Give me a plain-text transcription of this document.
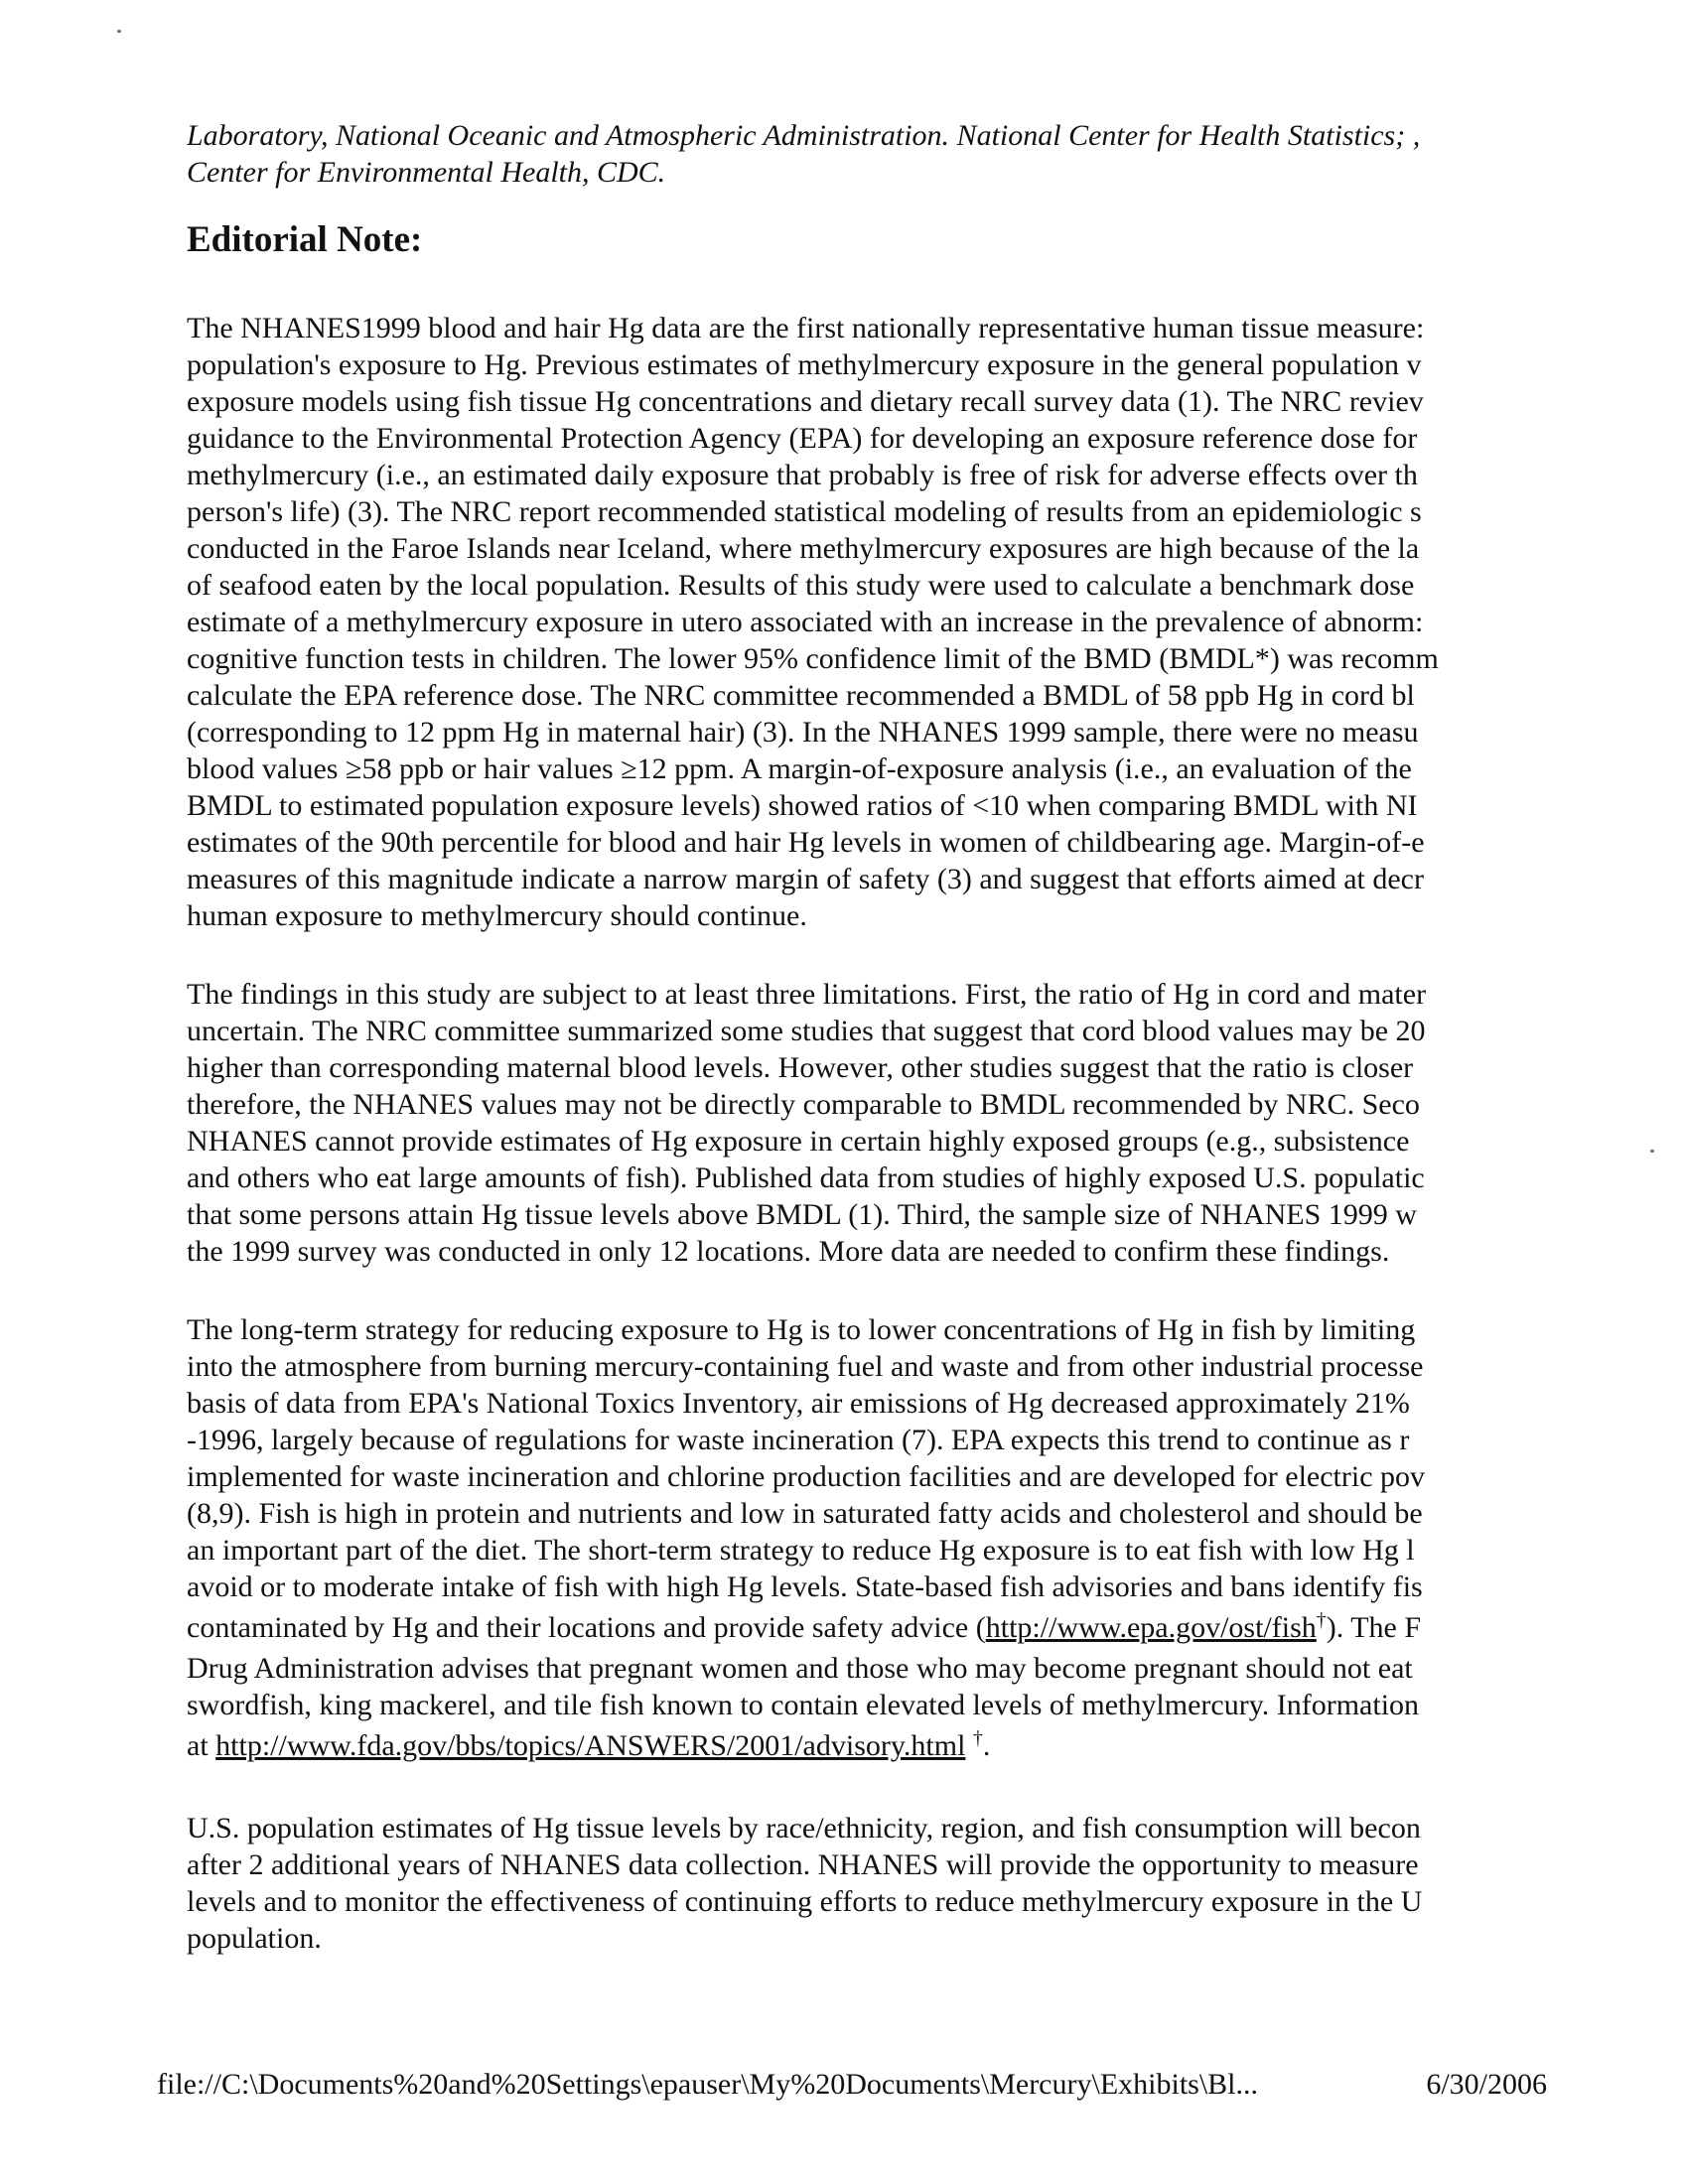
Laboratory, National Oceanic and Atmospheric Administration. National Center for Health Statistics; ,
Center for Environmental Health, CDC.
Editorial Note:
The NHANES1999 blood and hair Hg data are the first nationally representative human tissue measure:
population's exposure to Hg. Previous estimates of methylmercury exposure in the general population v
exposure models using fish tissue Hg concentrations and dietary recall survey data (1). The NRC reviev
guidance to the Environmental Protection Agency (EPA) for developing an exposure reference dose for
methylmercury (i.e., an estimated daily exposure that probably is free of risk for adverse effects over th
person's life) (3). The NRC report recommended statistical modeling of results from an epidemiologic s
conducted in the Faroe Islands near Iceland, where methylmercury exposures are high because of the la
of seafood eaten by the local population. Results of this study were used to calculate a benchmark dose
estimate of a methylmercury exposure in utero associated with an increase in the prevalence of abnorm:
cognitive function tests in children. The lower 95% confidence limit of the BMD (BMDL*) was recomm
calculate the EPA reference dose. The NRC committee recommended a BMDL of 58 ppb Hg in cord bl
(corresponding to 12 ppm Hg in maternal hair) (3). In the NHANES 1999 sample, there were no measu
blood values ≥58 ppb or hair values ≥12 ppm. A margin-of-exposure analysis (i.e., an evaluation of the
BMDL to estimated population exposure levels) showed ratios of <10 when comparing BMDL with NI
estimates of the 90th percentile for blood and hair Hg levels in women of childbearing age. Margin-of-e
measures of this magnitude indicate a narrow margin of safety (3) and suggest that efforts aimed at decr
human exposure to methylmercury should continue.
The findings in this study are subject to at least three limitations. First, the ratio of Hg in cord and mater
uncertain. The NRC committee summarized some studies that suggest that cord blood values may be 20
higher than corresponding maternal blood levels. However, other studies suggest that the ratio is closer
therefore, the NHANES values may not be directly comparable to BMDL recommended by NRC. Seco
NHANES cannot provide estimates of Hg exposure in certain highly exposed groups (e.g., subsistence
and others who eat large amounts of fish). Published data from studies of highly exposed U.S. populatic
that some persons attain Hg tissue levels above BMDL (1). Third, the sample size of NHANES 1999 w
the 1999 survey was conducted in only 12 locations. More data are needed to confirm these findings.
The long-term strategy for reducing exposure to Hg is to lower concentrations of Hg in fish by limiting
into the atmosphere from burning mercury-containing fuel and waste and from other industrial processe
basis of data from EPA's National Toxics Inventory, air emissions of Hg decreased approximately 21%
-1996, largely because of regulations for waste incineration (7). EPA expects this trend to continue as r
implemented for waste incineration and chlorine production facilities and are developed for electric pov
(8,9). Fish is high in protein and nutrients and low in saturated fatty acids and cholesterol and should be
an important part of the diet. The short-term strategy to reduce Hg exposure is to eat fish with low Hg l
avoid or to moderate intake of fish with high Hg levels. State-based fish advisories and bans identify fis
contaminated by Hg and their locations and provide safety advice (http://www.epa.gov/ost/fish†). The F
Drug Administration advises that pregnant women and those who may become pregnant should not eat
swordfish, king mackerel, and tile fish known to contain elevated levels of methylmercury. Information
at http://www.fda.gov/bbs/topics/ANSWERS/2001/advisory.html †.
U.S. population estimates of Hg tissue levels by race/ethnicity, region, and fish consumption will becon
after 2 additional years of NHANES data collection. NHANES will provide the opportunity to measure
levels and to monitor the effectiveness of continuing efforts to reduce methylmercury exposure in the U
population.
file://C:\Documents%20and%20Settings\epauser\My%20Documents\Mercury\Exhibits\Bl...	6/30/2006
